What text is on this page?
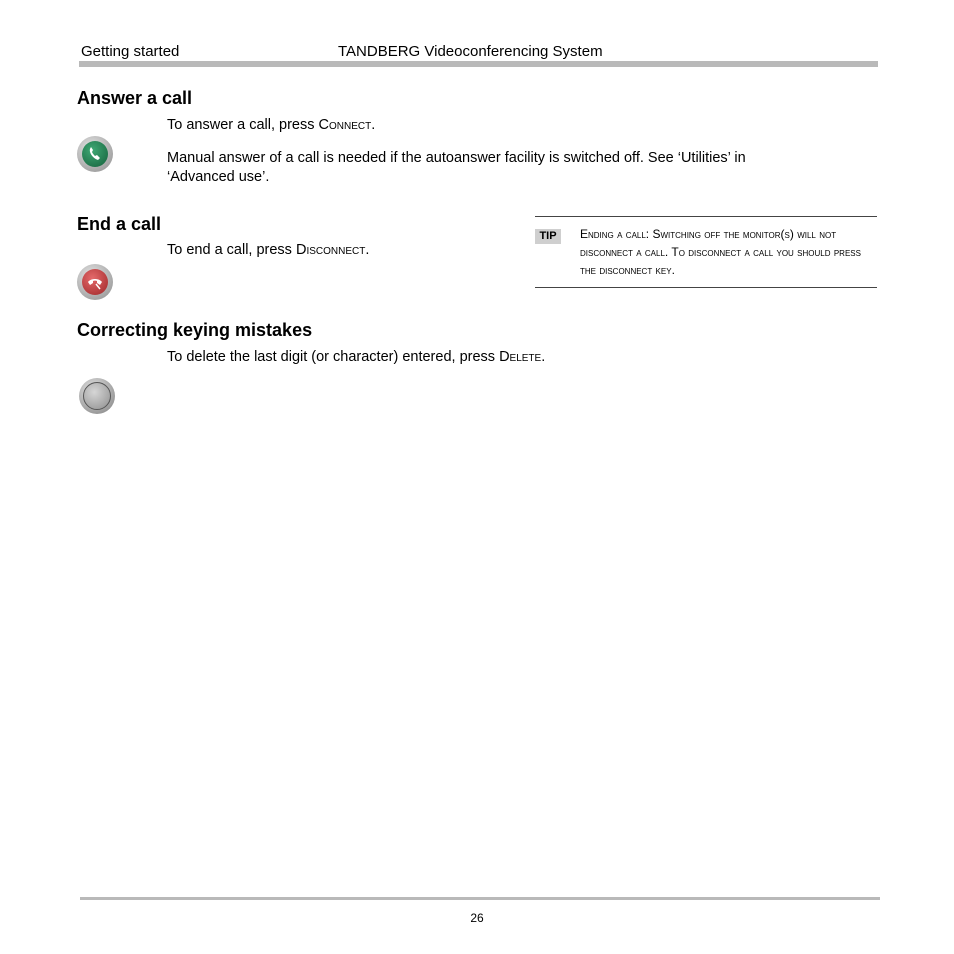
Getting started	TANDBERG Videoconferencing System
Answer a call
To answer a call, press Connect.
Manual answer of a call is needed if the autoanswer facility is switched off. See ‘Utilities’ in
‘Advanced use’.
End a call
To end a call, press Disconnect.
TIP	Ending a call: Switching off the monitor(s) will not disconnect a call. To disconnect a call you should press the disconnect key.
Correcting keying mistakes
To delete the last digit (or character) entered, press Delete.
26
